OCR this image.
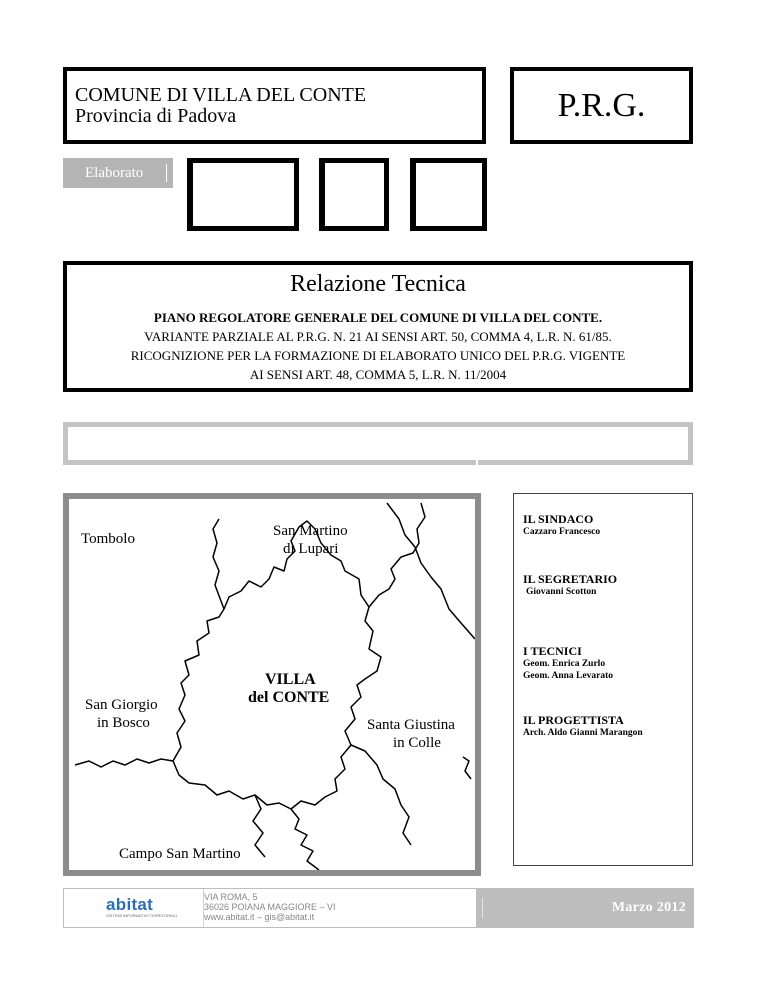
COMUNE DI VILLA DEL CONTE
Provincia di Padova	P.R.G.
Elaborato
Relazione Tecnica
PIANO REGOLATORE GENERALE DEL COMUNE DI VILLA DEL CONTE.
VARIANTE PARZIALE AL P.R.G. N. 21 AI SENSI ART. 50, COMMA 4, L.R. N. 61/85.
RICOGNIZIONE PER LA FORMAZIONE DI ELABORATO UNICO DEL P.R.G. VIGENTE
AI SENSI ART. 48, COMMA 5, L.R. N. 11/2004
Tombolo	San Martino
di Lupari
VILLA
del CONTE
San Giorgio
in Bosco	Santa Giustina
in Colle
Campo San Martino
IL SINDACO
Cazzaro Francesco
IL SEGRETARIO
Giovanni Scotton
I TECNICI
Geom. Enrica Zurlo
Geom. Anna Levarato
IL PROGETTISTA
Arch. Aldo Gianni Marangon
abitat
SISTEMI INFORMATIVI TERRITORIALI
VIA ROMA, 5
36026 POIANA MAGGIORE – VI
www.abitat.it – gis@abitat.it
Marzo 2012
